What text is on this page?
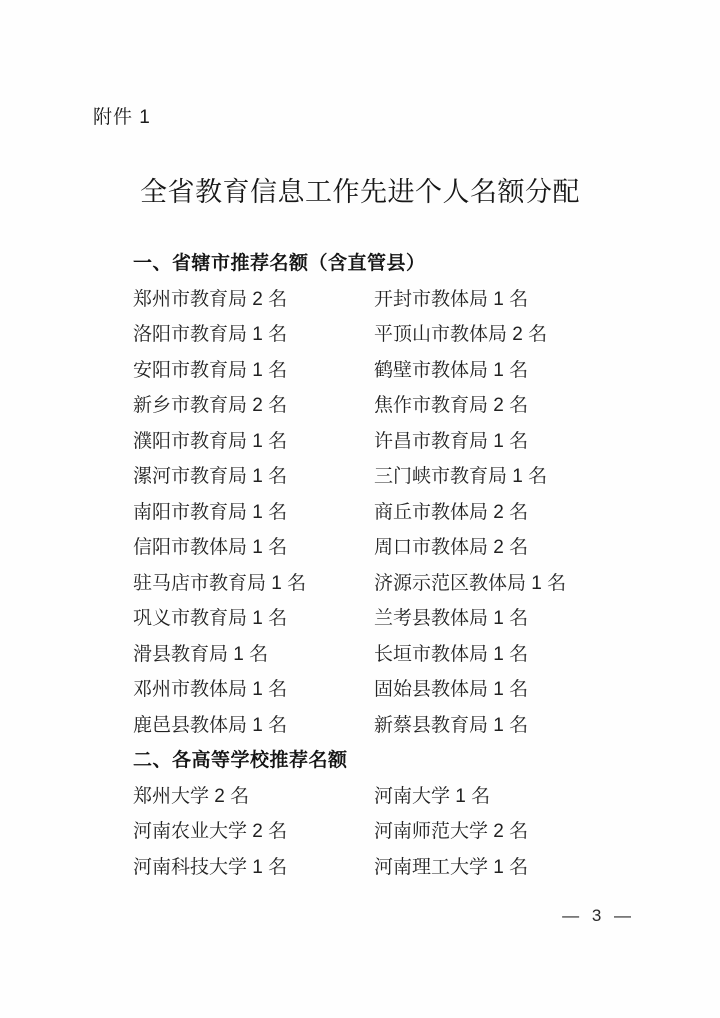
附件 1
全省教育信息工作先进个人名额分配
一、省辖市推荐名额（含直管县）
郑州市教育局 2 名	开封市教体局 1 名
洛阳市教育局 1 名	平顶山市教体局 2 名
安阳市教育局 1 名	鹤壁市教体局 1 名
新乡市教育局 2 名	焦作市教育局 2 名
濮阳市教育局 1 名	许昌市教育局 1 名
漯河市教育局 1 名	三门峡市教育局 1 名
南阳市教育局 1 名	商丘市教体局 2 名
信阳市教体局 1 名	周口市教体局 2 名
驻马店市教育局 1 名	济源示范区教体局 1 名
巩义市教育局 1 名	兰考县教体局 1 名
滑县教育局 1 名	长垣市教体局 1 名
邓州市教体局 1 名	固始县教体局 1 名
鹿邑县教体局 1 名	新蔡县教育局 1 名
二、各高等学校推荐名额
郑州大学 2 名	河南大学 1 名
河南农业大学 2 名	河南师范大学 2 名
河南科技大学 1 名	河南理工大学 1 名
— 3 —
